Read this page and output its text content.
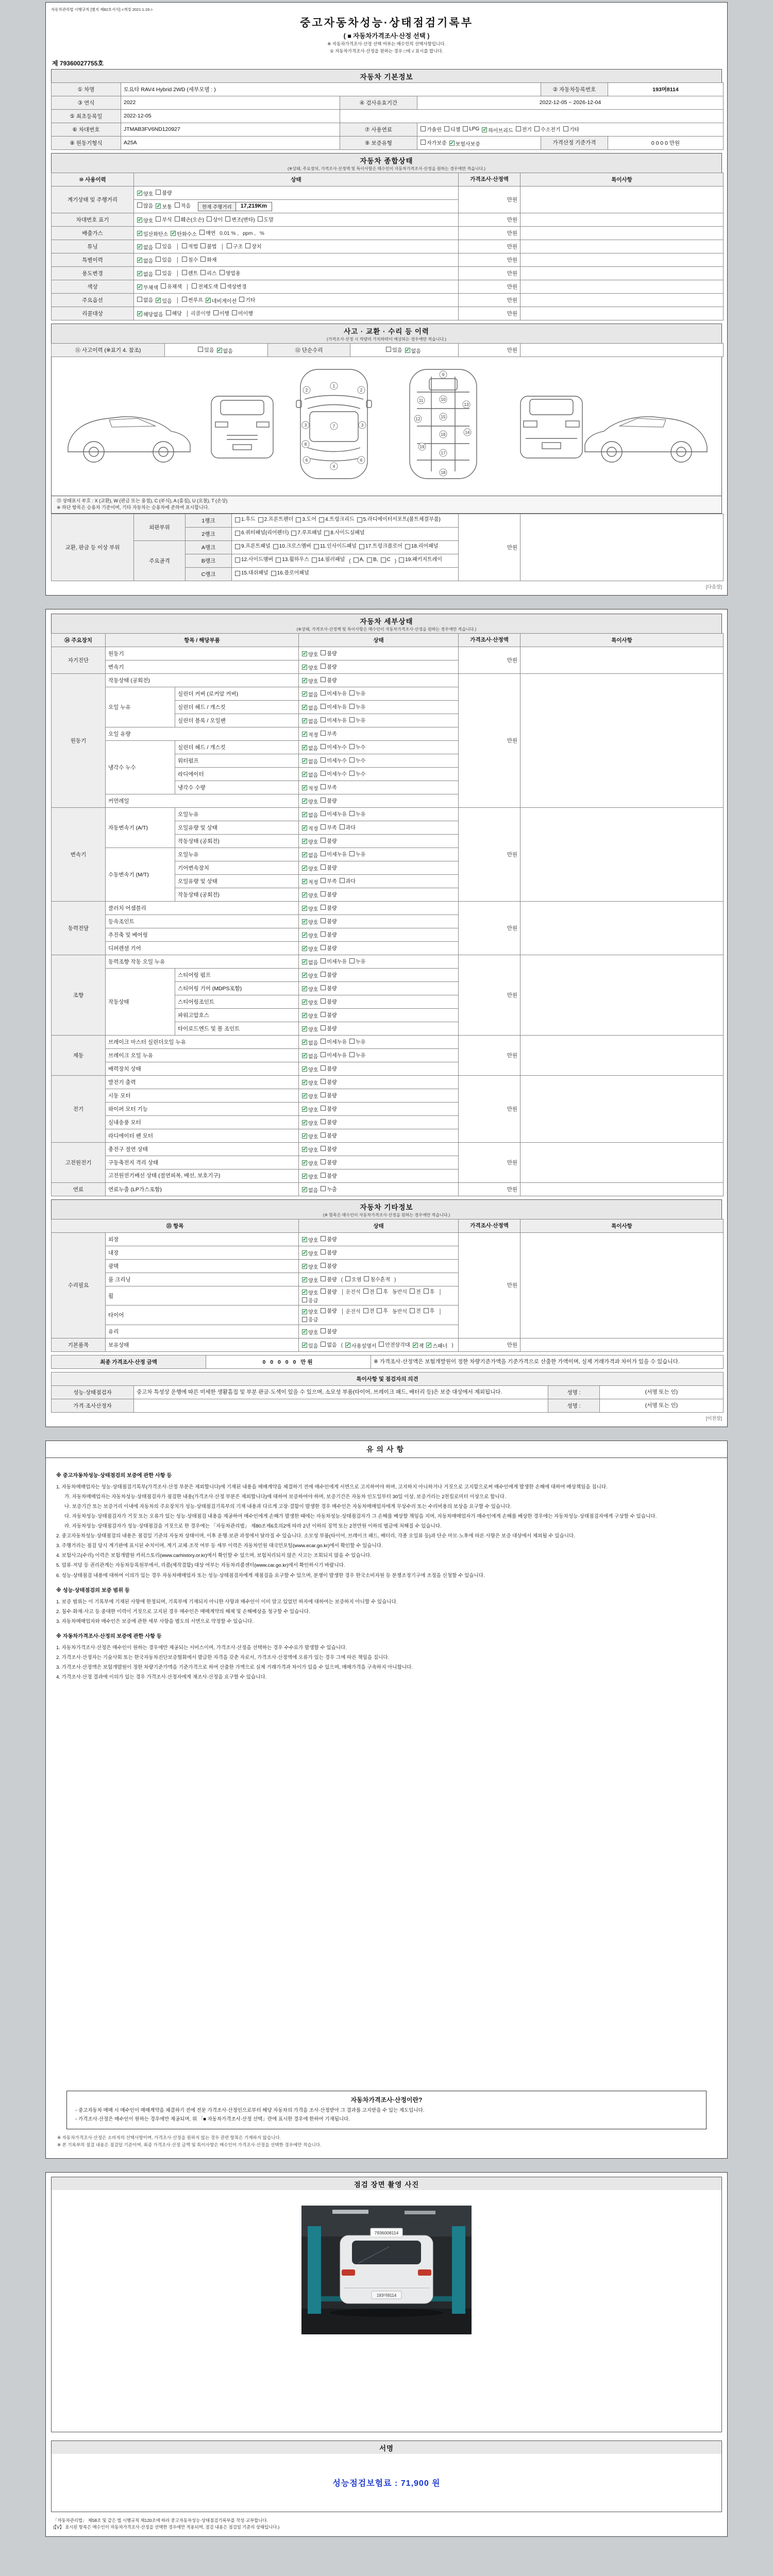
자동차관리법 시행규칙 [별지 제82호서식] <개정 2021.1.19.>
중고자동차성능·상태점검기록부
( ■ 자동차가격조사·산정 선택 )
※ 자동차가격조사·산정 선택 여부는 매수인의 선택사항입니다.
① 자동차가격조사·산정을 원하는 경우 □에 √ 표시를 합니다.
제 79360027755호
자동차 기본정보
① 차명	토요타 RAV4 Hybrid 2WD (세부모델 : )			② 자동차등록번호	193머8114
③ 연식	2022	④ 검사유효기간	2022-12-05 ~ 2026-12-04		
⑤ 최초등록일	2022-12-05				
⑥ 차대번호	JTMAB3FV6ND120927	⑦ 사용연료	가솔린 디젤 LPG ✔ 하이브리드 전기 수소전기 기타

⑧ 원동기형식	A25A	⑨ 보증유형	자가보증 ✔ 보험사보증	가격산정 기준가격	0 0 0 0 만원
자동차 종합상태
(※상태, 주요장치, 가격조사·산정액 및 특이사항은 매수인이 자동차가격조사·산정을 원하는 경우에만 적습니다.)
⑩ 사용이력	상태	가격조사·산정액	특이사항
계기상태 및 주행거리	✔ 양호 불량	만원	

많음 ✔ 보통 적음	현재 주행거리	17,219Km

차대번호 표기	✔ 양호 부식 훼손(오손) 상이 변조(변타) 도말	만원	
배출가스	✔ 일산화탄소 ✔ 탄화수소 매연 0.01 % , ppm , %	만원	
튜닝	✔ 없음 있음 │ 적법 불법 │ 구조 장치	만원	
특별이력	✔ 없음 있음 │ 침수 화재	만원	
용도변경	✔ 없음 있음 │ 렌트 리스 영업용	만원	
색상	✔ 무채색 유채색 │ 전체도색 색상변경	만원	
주요옵션	없음 ✔ 있음 │ 썬루프 ✔ 네비게이션 기타	만원	
리콜대상	✔ 해당없음 해당 │ 리콜이행 이행 미이행	만원	
사고 · 교환 · 수리 등 이력
(가격조사·산정 시 차량의 가치하락이 예상되는 경우에만 적습니다.)
⑪ 사고이력 (※표기 4. 참조)	있음 ✔ 없음	⑫ 단순수리	있음 ✔ 없음	만원	
1
2	2
3	3
7
6	6
4
8
9
10
11
12
13
14
15
16
17
18
19
⑬ 상태표시 부호 : X (교환), W (판금 또는 용접), C (부식), A (흠집), U (요철), T (손상)
※ 하단 항목은 승용차 기준이며, 기타 자동차는 승용차에 준하여 표시합니다.
교환, 판금 등 이상 부위	외판부위	1랭크	1.후드 2.프론트펜더 3.도어 4.트렁크리드 5.라디에이터서포트(볼트체결부품)	만원	
		2랭크	6.쿼터패널(리어펜더) 7.루프패널 8.사이드실패널		

	주요골격	A랭크	9.프론트패널 10.크로스멤버 11.인사이드패널 17.트렁크플로어 18.리어패널		

B랭크	12.사이드멤버 13.휠하우스 14.필러패널 ( A, B, C ) 19.패키지트레이

		C랭크	15.대쉬패널 16.플로어패널		
[다음장]
자동차 세부상태
(※상태, 가격조사·산정액 및 특이사항은 매수인이 자동차가격조사·산정을 원하는 경우에만 적습니다.)
⑭ 주요장치	항목 / 해당부품		상태	가격조사·산정액	특이사항
자기진단	원동기		✔ 양호 불량	만원	
	변속기		✔ 양호 불량		

원동기	작동상태 (공회전)		✔ 양호 불량	만원	
	오일 누유	실린더 커버 (로커암 커버)	✔ 없음 미세누유 누유		

		실린더 헤드 / 개스킷	✔ 없음 미세누유 누유		

		실린더 블록 / 오일팬	✔ 없음 미세누유 누유		

	오일 유량		✔ 적정 부족		

	냉각수 누수	실린더 헤드 / 개스킷	✔ 없음 미세누수 누수		

		워터펌프	✔ 없음 미세누수 누수		

		라디에이터	✔ 없음 미세누수 누수		

		냉각수 수량	✔ 적정 부족		

	커먼레일		✔ 양호 불량		

변속기	자동변속기 (A/T)	오일누유	✔ 없음 미세누유 누유	만원	
		오일유량 및 상태	✔ 적정 부족 과다		

		작동상태 (공회전)	✔ 양호 불량		

	수동변속기 (M/T)	오일누유	✔ 없음 미세누유 누유		

		기어변속장치	✔ 양호 불량		

		오일유량 및 상태	✔ 적정 부족 과다		

		작동상태 (공회전)	✔ 양호 불량		

동력전달	클러치 어셈블리		✔ 양호 불량	만원	
	등속조인트		✔ 양호 불량		

	추진축 및 베어링		✔ 양호 불량		

	디퍼렌셜 기어		✔ 양호 불량		

조향	동력조향 작동 오일 누유		✔ 없음 미세누유 누유	만원	
	작동상태	스티어링 펌프	✔ 양호 불량		

		스티어링 기어 (MDPS포함)	✔ 양호 불량		

		스티어링조인트	✔ 양호 불량		

		파워고압호스	✔ 양호 불량		

		타이로드엔드 및 볼 조인트	✔ 양호 불량		

제동	브레이크 마스터 실린더오일 누유		✔ 없음 미세누유 누유	만원	
	브레이크 오일 누유		✔ 없음 미세누유 누유		

	배력장치 상태		✔ 양호 불량		

전기	발전기 출력		✔ 양호 불량	만원	
	시동 모터		✔ 양호 불량		

	와이퍼 모터 기능		✔ 양호 불량		

	실내송풍 모터		✔ 양호 불량		

	라디에이터 팬 모터		✔ 양호 불량		

고전원전기	충전구 절연 상태		✔ 양호 불량	만원	
	구동축전지 격리 상태		✔ 양호 불량		

	고전원전기배선 상태 (절연피복, 배선, 보호기구)		✔ 양호 불량		

연료	연료누출 (LP가스포함)		✔ 없음 누출	만원	
자동차 기타정보
(※ 항목은 매수인이 자동차가격조사·산정을 원하는 경우에만 적습니다.)
⑮ 항목		상태	가격조사·산정액	특이사항
수리필요	외장	✔ 양호 불량	만원	
	내장	✔ 양호 불량		

	광택	✔ 양호 불량		

룸 크리닝	✔ 양호 불량 ( 오염 침수흔적 )
휠	
✔ 양호 불량 │ 운전석 전 후 동반석 전 후 │
응급

타이어	
✔ 양호 불량 │ 운전석 전 후 동반석 전 후 │
응급

	유리	✔ 양호 불량		

기본품목	보유상태	✔ 있음 없음 ( ✔ 사용설명서 안전삼각대 ✔ 잭 ✔ 스패너 )	만원	
최종 가격조사·산정 금액	0 0 0 0 0 만원	※ 가격조사·산정액은 보험개발원이 정한 차량기준가액을 기준가격으로 산출한 가액이며, 실제 거래가격과 차이가 있을 수 있습니다.
특이사항 및 점검자의 의견			
성능·상태점검자	중고차 특성상 운행에 따른 미세한 생활흠집 및 부분 판금·도색이 있을 수 있으며, 소모성 부품(타이어, 브레이크 패드, 배터리 등)은 보증 대상에서 제외됩니다.	성명 :	(서명 또는 인)
가격·조사산정자		성명 :	(서명 또는 인)
[이전장]
유의사항
※ 중고자동차성능·상태점검의 보증에 관한 사항 등
1. 자동차매매업자는 성능·상태점검기록부(가격조사·산정 부분은 제외합니다)에 기재된 내용을 매매계약을 체결하기 전에 매수인에게 서면으로 고지하여야 하며, 고지하지 아니하거나 거짓으로 고지함으로써 매수인에게 발생한 손해에 대하여 배상책임을 집니다.
가. 자동차매매업자는 자동차성능·상태점검자가 점검한 내용(가격조사·산정 부분은 제외합니다)에 대하여 보증하여야 하며, 보증기간은 자동차 인도일부터 30일 이상, 보증거리는 2천킬로미터 이상으로 합니다.
나. 보증기간 또는 보증거리 이내에 자동차의 주요장치가 성능·상태점검기록부의 기재 내용과 다르게 고장·결함이 발생한 경우 매수인은 자동차매매업자에게 무상수리 또는 수리비용의 보상을 요구할 수 있습니다.
다. 자동차성능·상태점검자가 거짓 또는 오류가 있는 성능·상태점검 내용을 제공하여 매수인에게 손해가 발생한 때에는 자동차성능·상태점검자가 그 손해를 배상할 책임을 지며, 자동차매매업자가 매수인에게 손해를 배상한 경우에는 자동차성능·상태점검자에게 구상할 수 있습니다.
라. 자동차성능·상태점검자가 성능·상태점검을 거짓으로 한 경우에는 「자동차관리법」 제80조제6호의2에 따라 2년 이하의 징역 또는 2천만원 이하의 벌금에 처해질 수 있습니다.
2. 중고자동차성능·상태점검의 내용은 점검일 기준의 자동차 상태이며, 이후 운행·보관 과정에서 달라질 수 있습니다. 소모성 부품(타이어, 브레이크 패드, 배터리, 각종 오일류 등)과 단순 마모·노후에 따른 사항은 보증 대상에서 제외될 수 있습니다.
3. 주행거리는 점검 당시 계기판에 표시된 수치이며, 계기 교체·조작 여부 등 세부 이력은 자동차민원 대국민포털(www.ecar.go.kr)에서 확인할 수 있습니다.
4. 보험사고(수리) 이력은 보험개발원 카히스토리(www.carhistory.or.kr)에서 확인할 수 있으며, 보험처리되지 않은 사고는 조회되지 않을 수 있습니다.
5. 압류·저당 등 권리관계는 자동차등록원부에서, 리콜(제작결함) 대상 여부는 자동차리콜센터(www.car.go.kr)에서 확인하시기 바랍니다.
6. 성능·상태점검 내용에 대하여 이의가 있는 경우 자동차매매업자 또는 성능·상태점검자에게 재점검을 요구할 수 있으며, 분쟁이 발생한 경우 한국소비자원 등 분쟁조정기구에 조정을 신청할 수 있습니다.
※ 성능·상태점검의 보증 범위 등
1. 보증 범위는 이 기록부에 기재된 사항에 한정되며, 기록부에 기재되지 아니한 사항과 매수인이 이미 알고 있었던 하자에 대하여는 보증하지 아니할 수 있습니다.
2. 침수·화재·사고 등 중대한 이력이 거짓으로 고지된 경우 매수인은 매매계약의 해제 및 손해배상을 청구할 수 있습니다.
3. 자동차매매업자와 매수인은 보증에 관한 세부 사항을 별도의 서면으로 약정할 수 있습니다.
※ 자동차가격조사·산정의 보증에 관한 사항 등
1. 자동차가격조사·산정은 매수인이 원하는 경우에만 제공되는 서비스이며, 가격조사·산정을 선택하는 경우 수수료가 발생할 수 있습니다.
2. 가격조사·산정자는 기술사회 또는 한국자동차진단보증협회에서 발급한 자격을 갖춘 자로서, 가격조사·산정액에 오류가 있는 경우 그에 따른 책임을 집니다.
3. 가격조사·산정액은 보험개발원이 정한 차량기준가액을 기준가격으로 하여 산출한 가액으로 실제 거래가격과 차이가 있을 수 있으며, 매매가격을 구속하지 아니합니다.
4. 가격조사·산정 결과에 이의가 있는 경우 가격조사·산정자에게 재조사·산정을 요구할 수 있습니다.
자동차가격조사·산정이란?
◦ 중고자동차 매매 시 매수인이 매매계약을 체결하기 전에 전문 가격조사·산정인으로부터 해당 자동차의 가격을 조사·산정받아 그 결과를 고지받을 수 있는 제도입니다.
◦ 가격조사·산정은 매수인이 원하는 경우에만 제공되며, 위 「■ 자동차가격조사·산정 선택」란에 표시한 경우에 한하여 기재됩니다.
※ 자동차가격조사·산정은 소비자의 선택사항이며, 가격조사·산정을 원하지 않는 경우 관련 항목은 기재하지 않습니다.
※ 본 기록부의 점검 내용은 점검일 기준이며, 최종 가격조사·산정 금액 및 특이사항은 매수인이 가격조사·산정을 선택한 경우에만 적습니다.
점검 장면 촬영 사진
193머8114
7936008114
서명
성능점검보험료 : 71,900 원
「자동차관리법」 제58조 및 같은 법 시행규칙 제120조에 따라 중고자동차성능·상태점검기록부를 작성·교부합니다.
(【V】 표시된 항목은 매수인이 자동차가격조사·산정을 선택한 경우에만 적용되며, 점검 내용은 점검일 기준의 상태입니다.)
